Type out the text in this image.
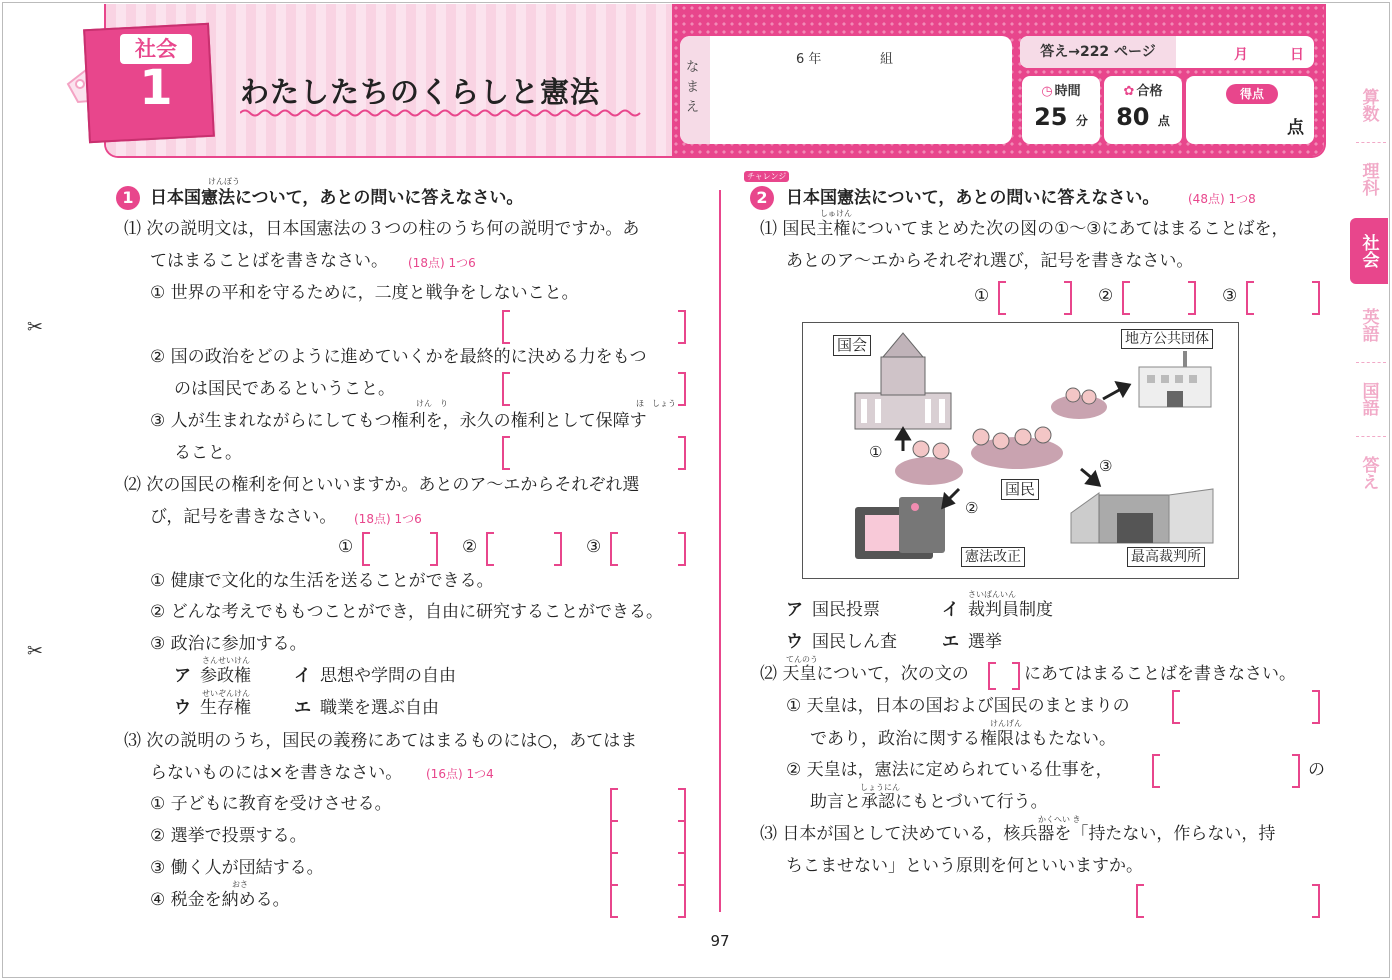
社会
1 わたしたちのくらしと憲法
なまえ
6 年	組	答え→222 ページ	月	日
◷ 時間
25 分
✿ 合格
80 点
得点
点
算数
理科
社会
英語
国語
答え
✂
✂
97
1
けんぽう
日本国憲法について，あとの問いに答えなさい。
⑴ 次の説明文は，日本国憲法の３つの柱のうち何の説明ですか。あ
てはまることばを書きなさい。 (18点) 1つ6
① 世界の平和を守るために，二度と戦争をしないこと。
② 国の政治をどのように進めていくかを最終的に決める力をもつ
のは国民であるということ。
けん　り	ほ　しょう
③ 人が生まれながらにしてもつ権利を，永久の権利として保障す
ること。
⑵ 次の国民の権利を何といいますか。あとのア〜エからそれぞれ選
び，記号を書きなさい。 (18点) 1つ6
①	②	③
① 健康で文化的な生活を送ることができる。
② どんな考えでももつことができ，自由に研究することができる。
③ 政治に参加する。
さんせいけん
ア 参政権	イ 思想や学問の自由
せいぞんけん
ウ 生存権	エ 職業を選ぶ自由
⑶ 次の説明のうち，国民の義務にあてはまるものには○，あてはま
らないものには×を書きなさい。 (16点) 1つ4
① 子どもに教育を受けさせる。
② 選挙で投票する。
③ 働く人が団結する。
おさ
④ 税金を納める。
チャレンジ
2	日本国憲法について，あとの問いに答えなさい。 (48点) 1つ8
しゅけん
⑴ 国民主権についてまとめた次の図の①〜③にあてはまることばを，
あとのア〜エからそれぞれ選び，記号を書きなさい。
①	②	③
国会	地方公共団体
国民
憲法改正	最高裁判所
①
②
③
さいばんいん
ア 国民投票	イ 裁判員制度
ウ 国民しん査	エ 選挙
てんのう
⑵ 天皇について，次の文の	にあてはまることばを書きなさい。
① 天皇は，日本の国および国民のまとまりの
けんげん
であり，政治に関する権限はもたない。
② 天皇は，憲法に定められている仕事を，	の
しょうにん
助言と承認にもとづいて行う。
かくへい き
⑶ 日本が国として決めている，核兵器を「持たない，作らない，持
ちこませない」という原則を何といいますか。
